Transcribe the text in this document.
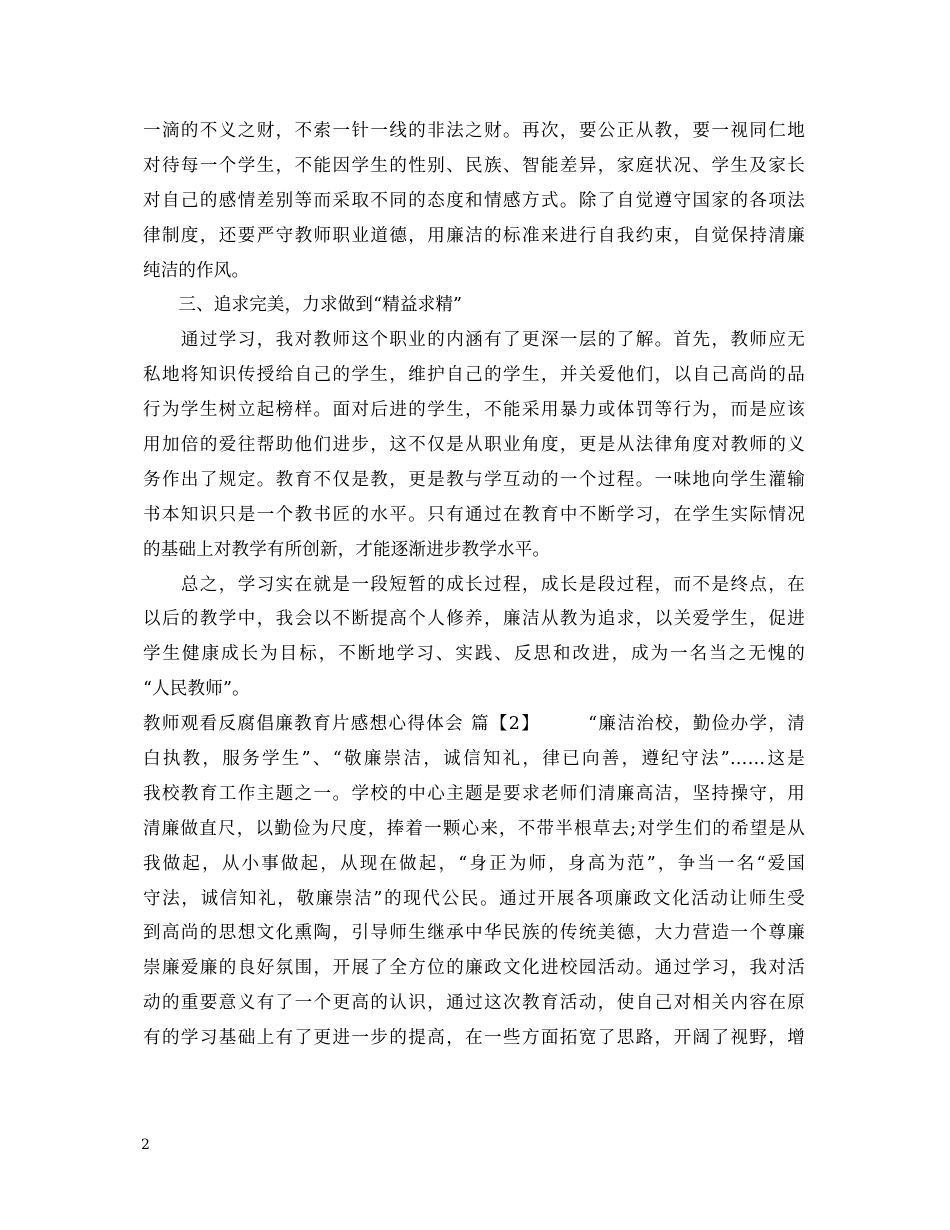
一滴的不义之财，不索一针一线的非法之财。再次，要公正从教，要一视同仁地
对待每一个学生，不能因学生的性别、民族、智能差异，家庭状况、学生及家长
对自己的感情差别等而采取不同的态度和情感方式。除了自觉遵守国家的各项法
律制度，还要严守教师职业道德，用廉洁的标准来进行自我约束，自觉保持清廉
纯洁的作风。
　　三、追求完美，力求做到“精益求精”
　　通过学习，我对教师这个职业的内涵有了更深一层的了解。首先，教师应无
私地将知识传授给自己的学生，维护自己的学生，并关爱他们，以自己高尚的品
行为学生树立起榜样。面对后进的学生，不能采用暴力或体罚等行为，而是应该
用加倍的爱往帮助他们进步，这不仅是从职业角度，更是从法律角度对教师的义
务作出了规定。教育不仅是教，更是教与学互动的一个过程。一味地向学生灌输
书本知识只是一个教书匠的水平。只有通过在教育中不断学习，在学生实际情况
的基础上对教学有所创新，才能逐渐进步教学水平。
　　总之，学习实在就是一段短暂的成长过程，成长是段过程，而不是终点，在
以后的教学中，我会以不断提高个人修养，廉洁从教为追求，以关爱学生，促进
学生健康成长为目标，不断地学习、实践、反思和改进，成为一名当之无愧的
“人民教师”。
教师观看反腐倡廉教育片感想心得体会 篇【2】　　　“廉洁治校，勤俭办学，清
白执教，服务学生”、“敬廉崇洁，诚信知礼，律已向善，遵纪守法”……这是
我校教育工作主题之一。学校的中心主题是要求老师们清廉高洁，坚持操守，用
清廉做直尺，以勤俭为尺度，捧着一颗心来，不带半根草去;对学生们的希望是从
我做起，从小事做起，从现在做起，“身正为师，身高为范”，争当一名“爱国
守法，诚信知礼，敬廉崇洁”的现代公民。通过开展各项廉政文化活动让师生受
到高尚的思想文化熏陶，引导师生继承中华民族的传统美德，大力营造一个尊廉
崇廉爱廉的良好氛围，开展了全方位的廉政文化进校园活动。通过学习，我对活
动的重要意义有了一个更高的认识，通过这次教育活动，使自己对相关内容在原
有的学习基础上有了更进一步的提高，在一些方面拓宽了思路，开阔了视野，增
2
